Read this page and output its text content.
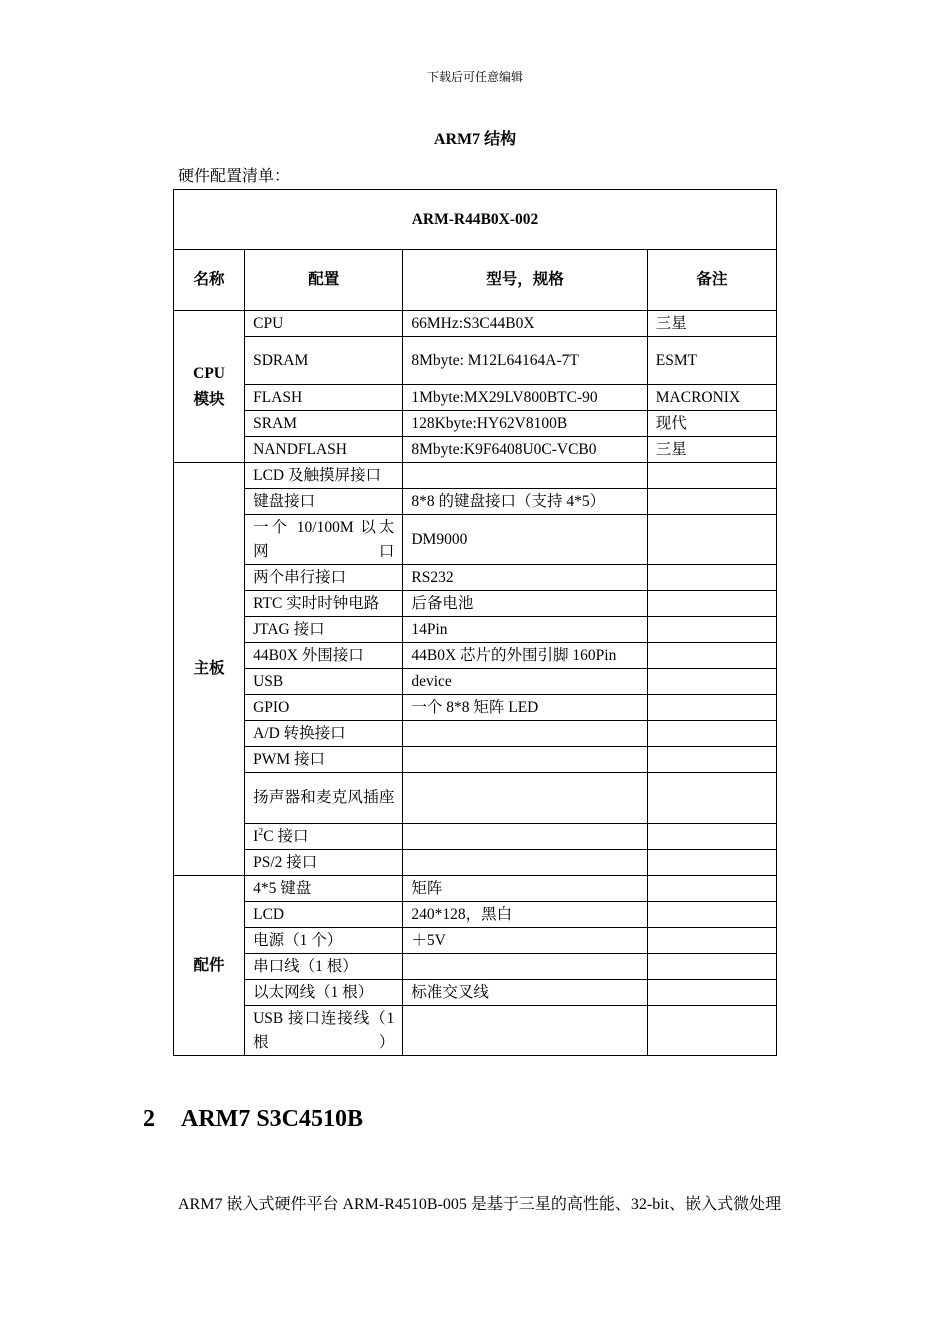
下载后可任意编辑
ARM7 结构
硬件配置清单：
ARM-R44B0X-002			
名称	配置	型号，规格	备注

CPU
模块	CPU	66MHz:S3C44B0X	三星
	SDRAM	8Mbyte: M12L64164A-7T	ESMT
	FLASH	1Mbyte:MX29LV800BTC-90	MACRONIX
	SRAM	128Kbyte:HY62V8100B	现代
	NANDFLASH	8Mbyte:K9F6408U0C-VCB0	三星

主板	LCD 及触摸屏接口		
	键盘接口	8*8 的键盘接口（支持 4*5）	
	一个 10/100M 以太网口	DM9000	
	两个串行接口	RS232	
	RTC 实时时钟电路	后备电池	
	JTAG 接口	14Pin	
	44B0X 外围接口	44B0X 芯片的外围引脚 160Pin	
	USB	device	
	GPIO	一个 8*8 矩阵 LED	
	A/D 转换接口		
	PWM 接口		
	扬声器和麦克风插座		
	$I^2C$ 接口		
	PS/2 接口		

配件	4*5 键盘	矩阵	
	LCD	240*128，黑白	
	电源（1 个）	＋5V	
	串口线（1 根）		
	以太网线（1 根）	标准交叉线	
	USB 接口连接线（1 根）		
2 ARM7 S3C4510B
ARM7 嵌入式硬件平台 ARM-R4510B-005 是基于三星的高性能、32-bit、嵌入式微处理
